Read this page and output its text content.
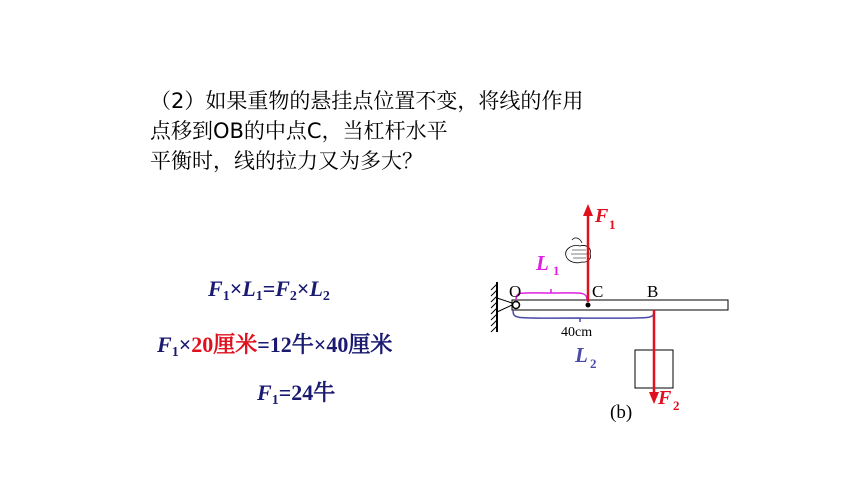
（2）如果重物的悬挂点位置不变，将线的作用
点移到OB的中点C，当杠杆水平
平衡时，线的拉力又为多大？
$F_1\times L_1=F_2\times L_2$
$F_1\times 20$厘米=12牛×40厘米
$F_1=24$牛
L 1
F 1
O	C	B
40cm
L 2
F 2
(b)
